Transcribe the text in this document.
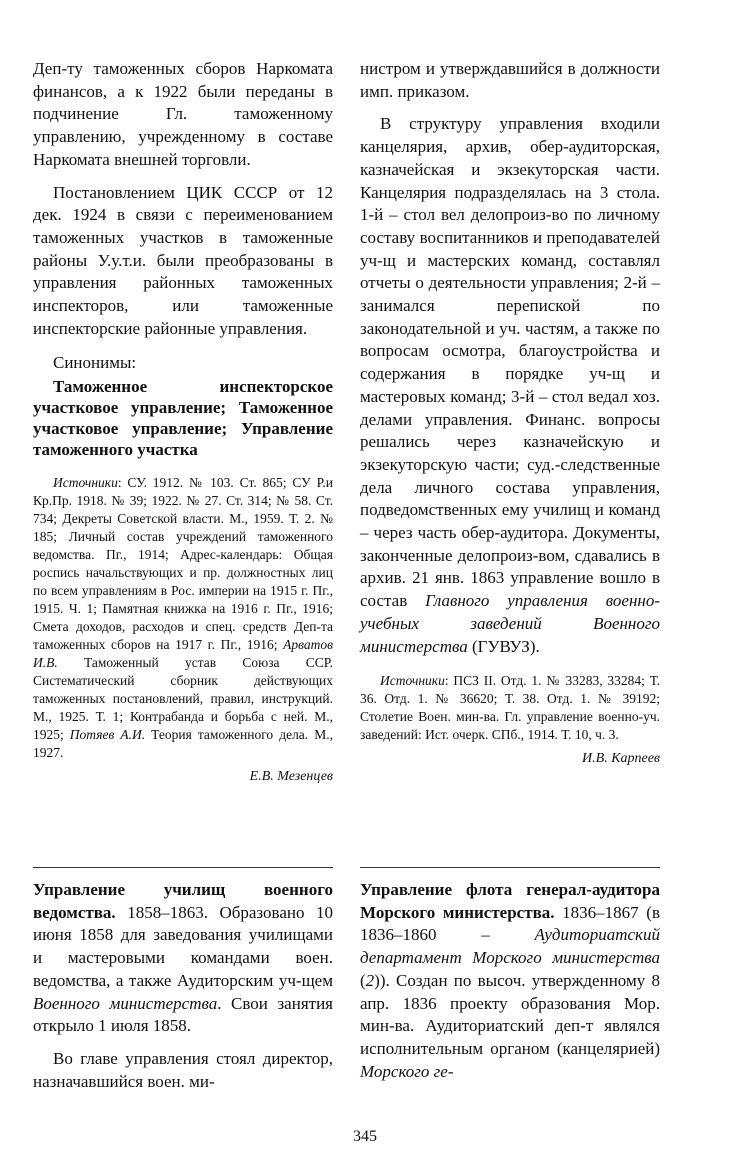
Деп-ту таможенных сборов Наркомата финансов, а к 1922 были переданы в подчинение Гл. таможенному управлению, учрежденному в составе Наркомата внешней торговли.

Постановлением ЦИК СССР от 12 дек. 1924 в связи с переименованием таможенных участков в таможенные районы У.у.т.и. были преобразованы в управления районных таможенных инспекторов, или таможенные инспекторские районные управления.

Синонимы:

Таможенное инспекторское участковое управление; Таможенное участковое управление; Управление таможенного участка

Источники: СУ. 1912. № 103. Ст. 865; СУ Р.и Кр.Пр. 1918. № 39; 1922. № 27. Ст. 314; № 58. Ст. 734; Декреты Советской власти. М., 1959. Т. 2. № 185; Личный состав учреждений таможенного ведомства. Пг., 1914; Адрес-календарь: Общая роспись начальствующих и пр. должностных лиц по всем управлениям в Рос. империи на 1915 г. Пг., 1915. Ч. 1; Памятная книжка на 1916 г. Пг., 1916; Смета доходов, расходов и спец. средств Деп-та таможенных сборов на 1917 г. Пг., 1916; Арватов И.В. Таможенный устав Союза ССР. Систематический сборник действующих таможенных постановлений, правил, инструкций. М., 1925. Т. 1; Контрабанда и борьба с ней. М., 1925; Потяев А.И. Теория таможенного дела. М., 1927.

Е.В. Мезенцев

нистром и утверждавшийся в должности имп. приказом.

В структуру управления входили канцелярия, архив, обер-аудиторская, казначейская и экзекуторская части. Канцелярия подразделялась на 3 стола. 1-й – стол вел делопроиз-во по личному составу воспитанников и преподавателей уч-щ и мастерских команд, составлял отчеты о деятельности управления; 2-й – занимался перепиской по законодательной и уч. частям, а также по вопросам осмотра, благоустройства и содержания в порядке уч-щ и мастеровых команд; 3-й – стол ведал хоз. делами управления. Финанс. вопросы решались через казначейскую и экзекуторскую части; суд.-следственные дела личного состава управления, подведомственных ему училищ и команд – через часть обер-аудитора. Документы, законченные делопроиз-вом, сдавались в архив. 21 янв. 1863 управление вошло в состав Главного управления военно-учебных заведений Военного министерства (ГУВУЗ).

Источники: ПСЗ II. Отд. 1. № 33283, 33284; Т. 36. Отд. 1. № 36620; Т. 38. Отд. 1. № 39192; Столетие Воен. мин-ва. Гл. управление военно-уч. заведений: Ист. очерк. СПб., 1914. Т. 10, ч. 3.

И.В. Карпеев

Управление училищ военного ведомства. 1858–1863. Образовано 10 июня 1858 для заведования училищами и мастеровыми командами воен. ведомства, а также Аудиторским уч-щем Военного министерства. Свои занятия открыло 1 июля 1858.

Во главе управления стоял директор, назначавшийся воен. ми-

Управление флота генерал-аудитора Морского министерства. 1836–1867 (в 1836–1860 – Аудиториатский департамент Морского министерства (2)). Создан по высоч. утвержденному 8 апр. 1836 проекту образования Мор. мин-ва. Аудиториатский деп-т являлся исполнительным органом (канцелярией) Морского ге-

345
